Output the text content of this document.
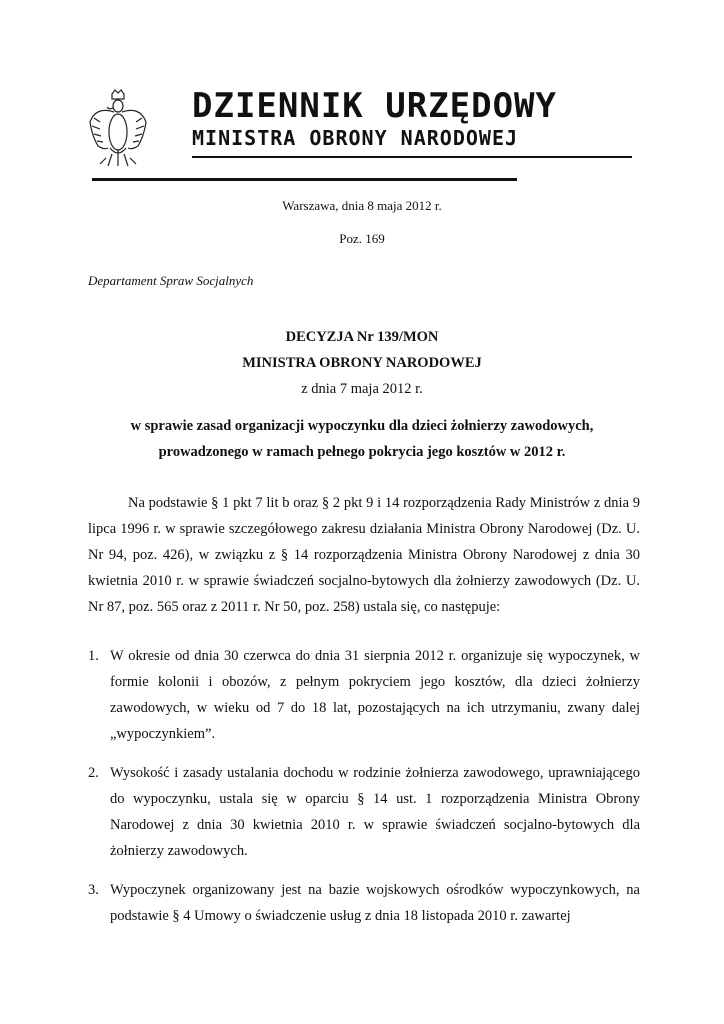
DZIENNIK URZĘDOWY
MINISTRA OBRONY NARODOWEJ
Warszawa, dnia 8 maja 2012 r.
Poz. 169
Departament Spraw Socjalnych
DECYZJA Nr 139/MON
MINISTRA OBRONY NARODOWEJ
z dnia 7 maja 2012 r.
w sprawie zasad organizacji wypoczynku dla dzieci żołnierzy zawodowych,
prowadzonego w ramach pełnego pokrycia jego kosztów w 2012 r.
Na podstawie § 1 pkt 7 lit b oraz § 2 pkt 9 i 14 rozporządzenia Rady Ministrów z dnia 9 lipca 1996 r. w sprawie szczegółowego zakresu działania Ministra Obrony Narodowej (Dz. U. Nr 94, poz. 426), w związku z § 14 rozporządzenia Ministra Obrony Narodowej z dnia 30 kwietnia 2010 r. w sprawie świadczeń socjalno-bytowych dla żołnierzy zawodowych (Dz. U. Nr 87, poz. 565 oraz z 2011 r. Nr 50, poz. 258) ustala się, co następuje:
1. W okresie od dnia 30 czerwca do dnia 31 sierpnia 2012 r. organizuje się wypoczynek, w formie kolonii i obozów, z pełnym pokryciem jego kosztów, dla dzieci żołnierzy zawodowych, w wieku od 7 do 18 lat, pozostających na ich utrzymaniu, zwany dalej „wypoczynkiem”.
2. Wysokość i zasady ustalania dochodu w rodzinie żołnierza zawodowego, uprawniającego do wypoczynku, ustala się w oparciu § 14 ust. 1 rozporządzenia Ministra Obrony Narodowej z dnia 30 kwietnia 2010 r. w sprawie świadczeń socjalno-bytowych dla żołnierzy zawodowych.
3. Wypoczynek organizowany jest na bazie wojskowych ośrodków wypoczynkowych, na podstawie § 4 Umowy o świadczenie usług z dnia 18 listopada 2010 r. zawartej
